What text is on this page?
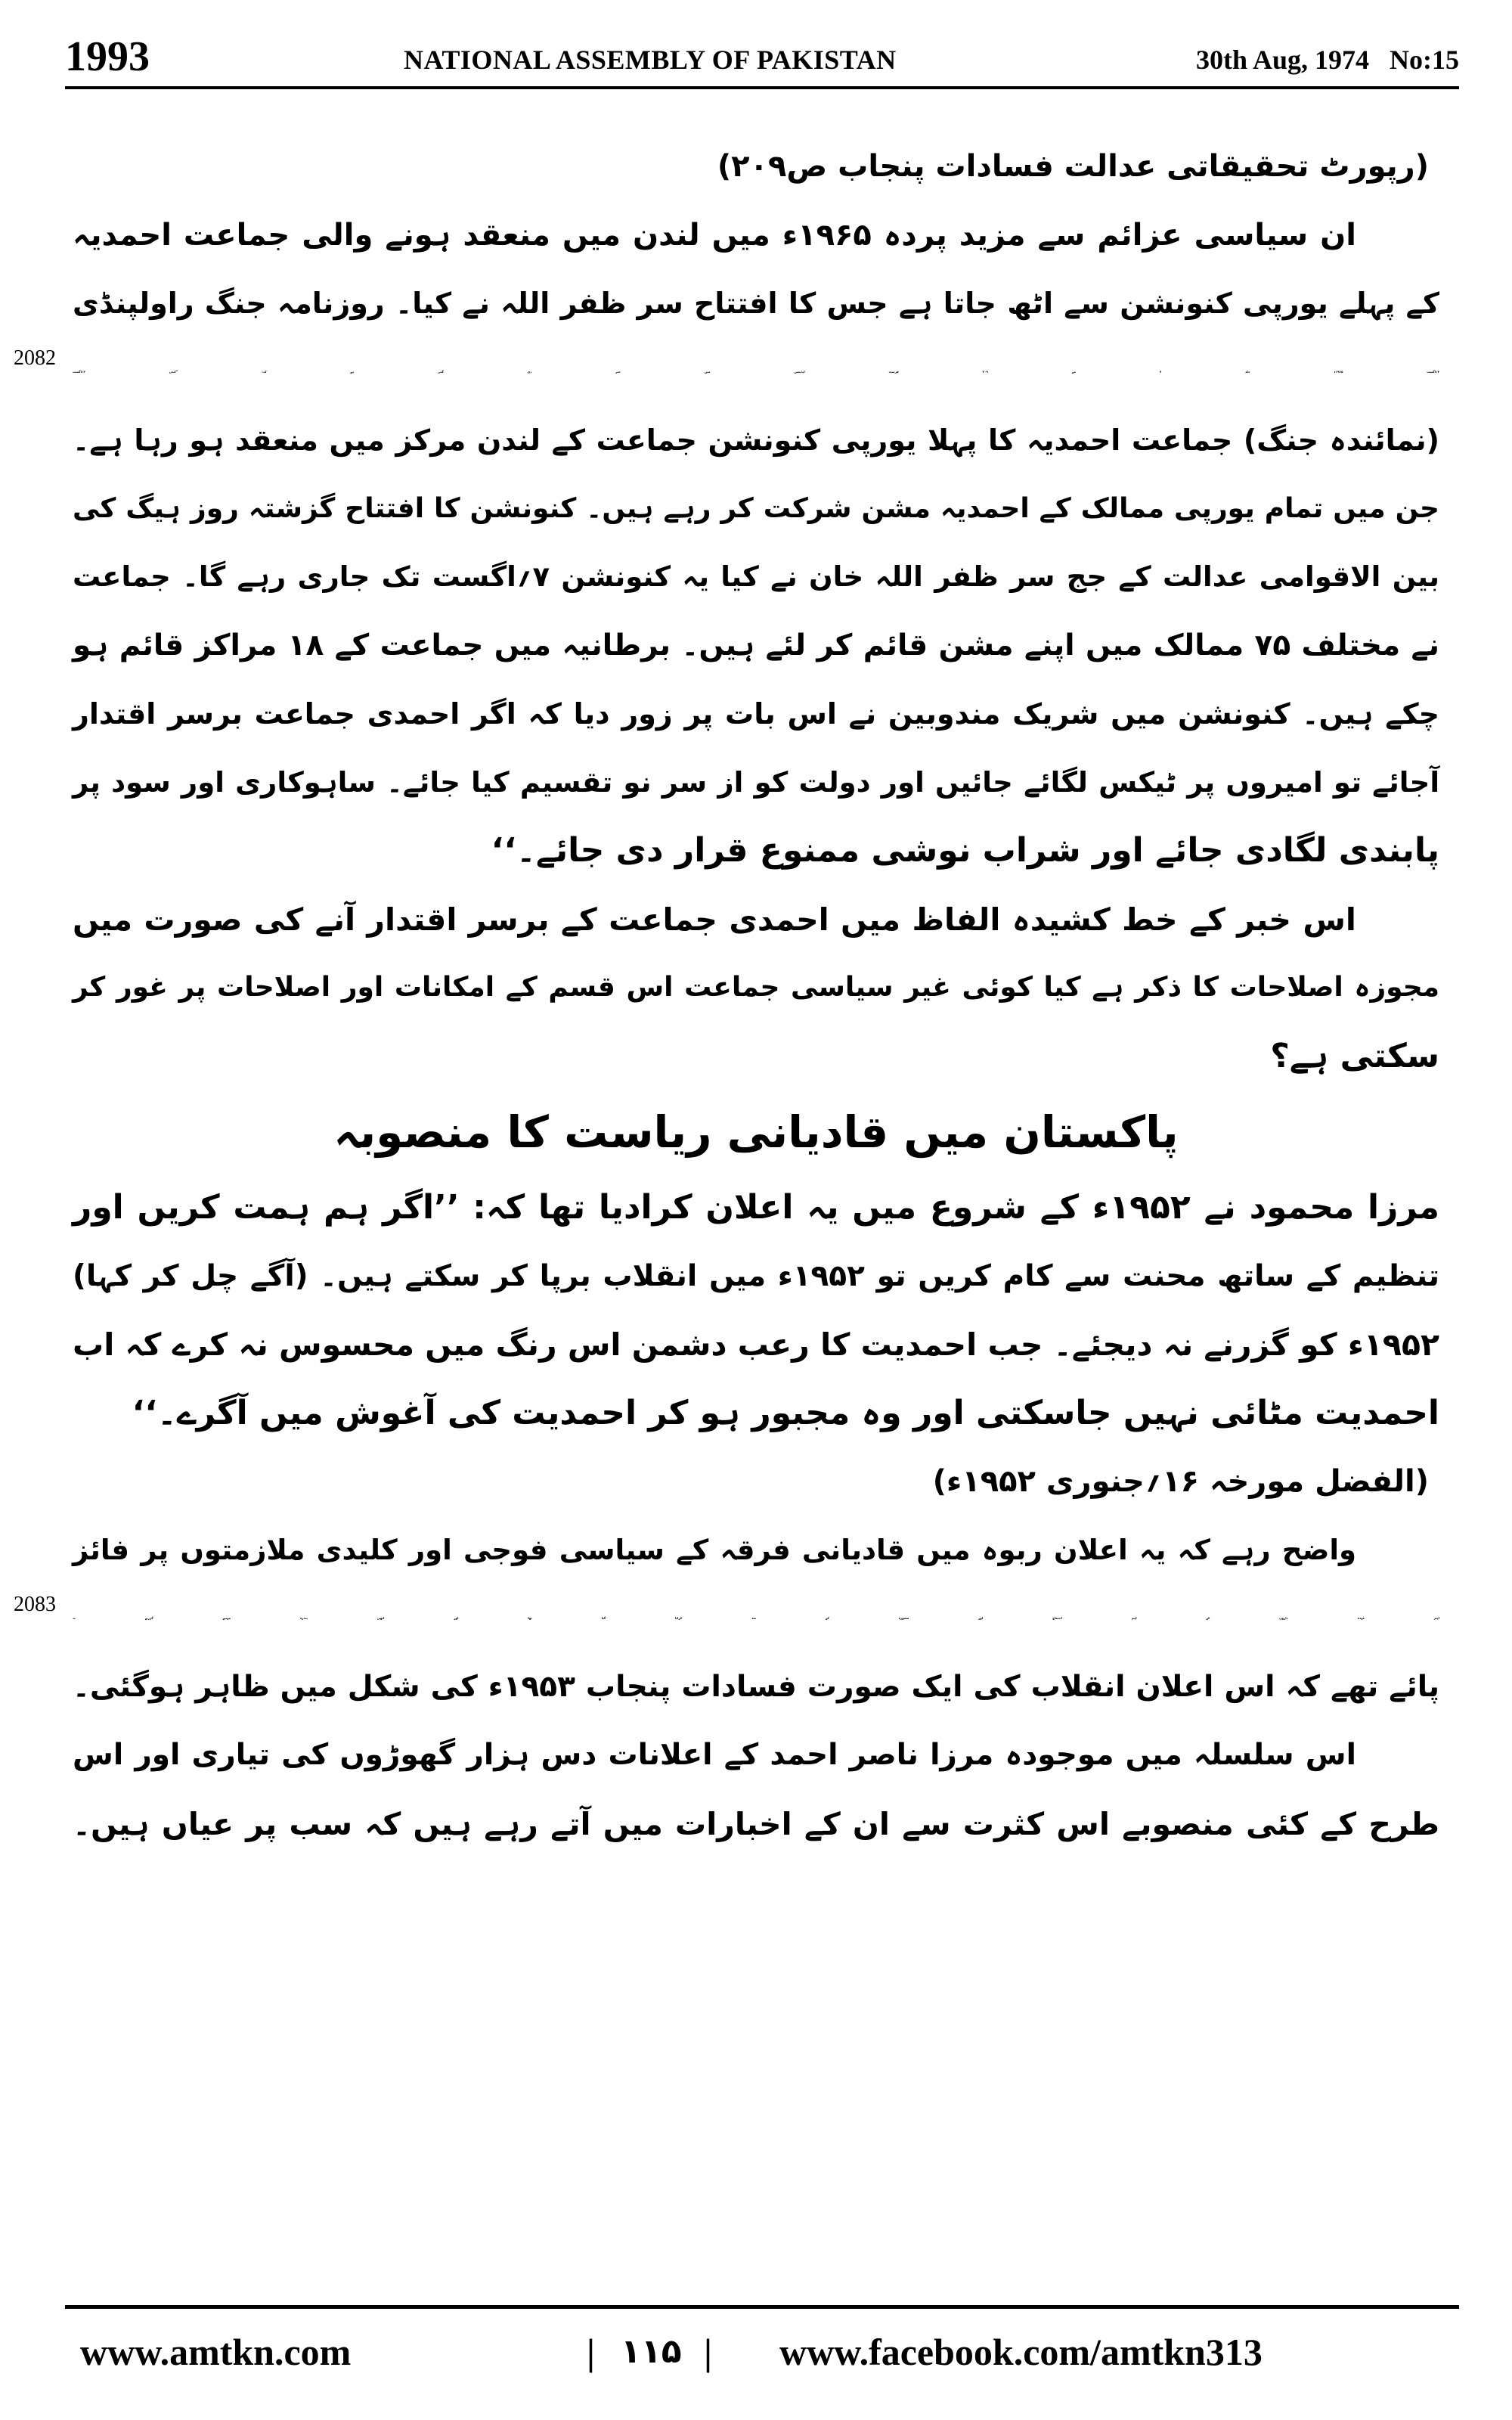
1993	NATIONAL ASSEMBLY OF PAKISTAN	30th Aug, 1974   No:15
(رپورٹ تحقیقاتی عدالت فسادات پنجاب ص۲۰۹)
ان سیاسی عزائم سے مزید پردہ ۱۹۶۵ء میں لندن میں منعقد ہونے والی جماعت احمدیہ
کے پہلے یورپی کنونشن سے اٹھ جاتا ہے جس کا افتتاح سر ظفر اللہ نے کیا۔ روزنامہ جنگ راولپنڈی
۴؍اگست ۱۹۶۵ء جلد ۷ ص ۳۰۹ فرسٹ ایڈیشن میں خبر دی گئی ہے کہ: ’’لندن ۳؍اگست
2082
(نمائندہ جنگ) جماعت احمدیہ کا پہلا یورپی کنونشن جماعت کے لندن مرکز میں منعقد ہو رہا ہے۔
جن میں تمام یورپی ممالک کے احمدیہ مشن شرکت کر رہے ہیں۔ کنونشن کا افتتاح گزشتہ روز ہیگ کی
بین الاقوامی عدالت کے جج سر ظفر اللہ خان نے کیا یہ کنونشن ۷؍اگست تک جاری رہے گا۔ جماعت
نے مختلف ۷۵ ممالک میں اپنے مشن قائم کر لئے ہیں۔ برطانیہ میں جماعت کے ۱۸ مراکز قائم ہو
چکے ہیں۔ کنونشن میں شریک مندوبین نے اس بات پر زور دیا کہ اگر احمدی جماعت برسر اقتدار
آجائے تو امیروں پر ٹیکس لگائے جائیں اور دولت کو از سر نو تقسیم کیا جائے۔ ساہوکاری اور سود پر
پابندی لگادی جائے اور شراب نوشی ممنوع قرار دی جائے۔‘‘
اس خبر کے خط کشیدہ الفاظ میں احمدی جماعت کے برسر اقتدار آنے کی صورت میں
مجوزہ اصلاحات کا ذکر ہے کیا کوئی غیر سیاسی جماعت اس قسم کے امکانات اور اصلاحات پر غور کر
سکتی ہے؟
پاکستان میں قادیانی ریاست کا منصوبہ
مرزا محمود نے ۱۹۵۲ء کے شروع میں یہ اعلان کرادیا تھا کہ: ’’اگر ہم ہمت کریں اور
تنظیم کے ساتھ محنت سے کام کریں تو ۱۹۵۲ء میں انقلاب برپا کر سکتے ہیں۔ (آگے چل کر کہا)
۱۹۵۲ء کو گزرنے نہ دیجئے۔ جب احمدیت کا رعب دشمن اس رنگ میں محسوس نہ کرے کہ اب
احمدیت مٹائی نہیں جاسکتی اور وہ مجبور ہو کر احمدیت کی آغوش میں آگرے۔‘‘
(الفضل مورخہ ۱۶؍جنوری ۱۹۵۲ء)
واضح رہے کہ یہ اعلان ربوہ میں قادیانی فرقہ کے سیاسی فوجی اور کلیدی ملازمتوں پر فائز
اہم عہدہ داروں کے اہم اجتماع اور مشورہ کے بعد کرایا گیا تھا اور ابھی پندرہ مہینے گزرنے نہ
2083
پائے تھے کہ اس اعلان انقلاب کی ایک صورت فسادات پنجاب ۱۹۵۳ء کی شکل میں ظاہر ہوگئی۔
اس سلسلہ میں موجودہ مرزا ناصر احمد کے اعلانات دس ہزار گھوڑوں کی تیاری اور اس
طرح کے کئی منصوبے اس کثرت سے ان کے اخبارات میں آتے رہے ہیں کہ سب پر عیاں ہیں۔
www.amtkn.com	| ۱۱۵ | www.facebook.com/amtkn313
